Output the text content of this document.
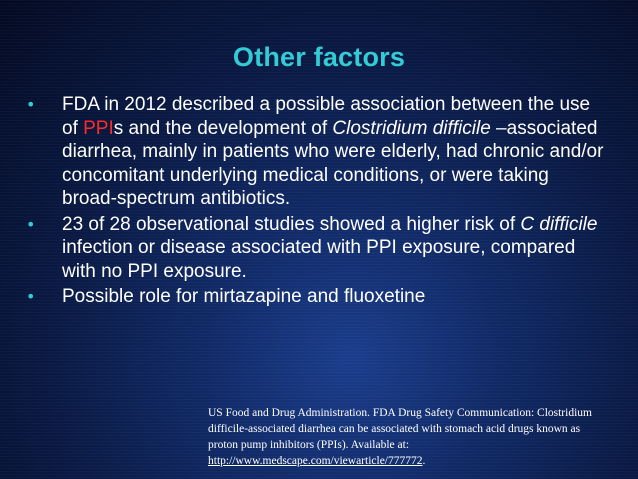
Other factors
• FDA in 2012 described a possible association between the use of PPIs and the development of Clostridium difficile –associated diarrhea, mainly in patients who were elderly, had chronic and/or concomitant underlying medical conditions, or were taking broad-spectrum antibiotics.
• 23 of 28 observational studies showed a higher risk of C difficile infection or disease associated with PPI exposure, compared with no PPI exposure.
• Possible role for mirtazapine and fluoxetine
US Food and Drug Administration. FDA Drug Safety Communication: Clostridium difficile-associated diarrhea can be associated with stomach acid drugs known as proton pump inhibitors (PPIs). Available at: http://www.medscape.com/viewarticle/777772.
